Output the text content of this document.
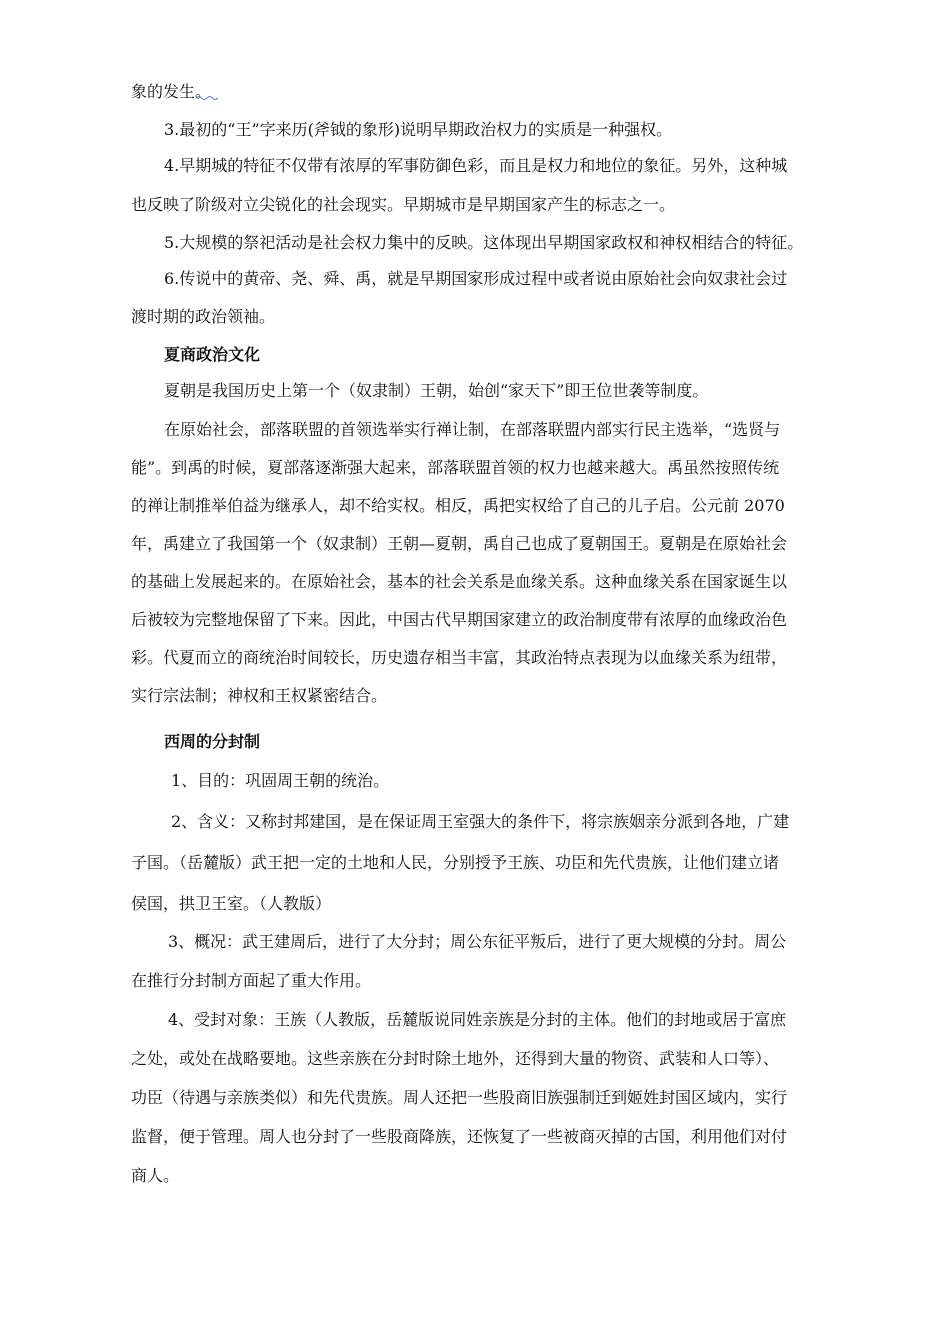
象的发生。
3.最初的“王”字来历(斧钺的象形)说明早期政治权力的实质是一种强权。
4.早期城的特征不仅带有浓厚的军事防御色彩，而且是权力和地位的象征。另外，这种城
也反映了阶级对立尖锐化的社会现实。早期城市是早期国家产生的标志之一。
5.大规模的祭祀活动是社会权力集中的反映。这体现出早期国家政权和神权相结合的特征。
6.传说中的黄帝、尧、舜、禹，就是早期国家形成过程中或者说由原始社会向奴隶社会过
渡时期的政治领袖。
夏商政治文化
夏朝是我国历史上第一个（奴隶制）王朝，始创“家天下”即王位世袭等制度。
在原始社会，部落联盟的首领选举实行禅让制，在部落联盟内部实行民主选举，“选贤与
能”。到禹的时候，夏部落逐渐强大起来，部落联盟首领的权力也越来越大。禹虽然按照传统
的禅让制推举伯益为继承人，却不给实权。相反，禹把实权给了自己的儿子启。公元前 2070
年，禹建立了我国第一个（奴隶制）王朝—夏朝，禹自己也成了夏朝国王。夏朝是在原始社会
的基础上发展起来的。在原始社会，基本的社会关系是血缘关系。这种血缘关系在国家诞生以
后被较为完整地保留了下来。因此，中国古代早期国家建立的政治制度带有浓厚的血缘政治色
彩。代夏而立的商统治时间较长，历史遗存相当丰富，其政治特点表现为以血缘关系为纽带，
实行宗法制；神权和王权紧密结合。
西周的分封制
1、目的：巩固周王朝的统治。
2、含义：又称封邦建国，是在保证周王室强大的条件下，将宗族姻亲分派到各地，广建
子国。（岳麓版）武王把一定的土地和人民，分别授予王族、功臣和先代贵族，让他们建立诸
侯国，拱卫王室。（人教版）
3、概况：武王建周后，进行了大分封；周公东征平叛后，进行了更大规模的分封。周公
在推行分封制方面起了重大作用。
4、受封对象：王族（人教版，岳麓版说同姓亲族是分封的主体。他们的封地或居于富庶
之处，或处在战略要地。这些亲族在分封时除土地外，还得到大量的物资、武装和人口等）、
功臣（待遇与亲族类似）和先代贵族。周人还把一些股商旧族强制迁到姬姓封国区域内，实行
监督，便于管理。周人也分封了一些股商降族，还恢复了一些被商灭掉的古国，利用他们对付
商人。
